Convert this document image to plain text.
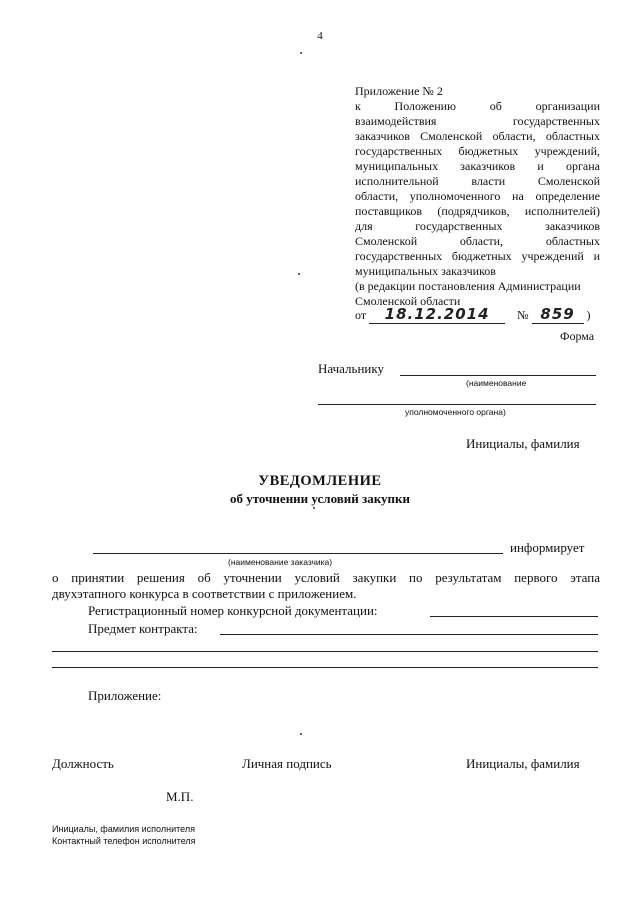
4
Приложение № 2
к Положению об организации
взаимодействия государственных
заказчиков Смоленской области, областных
государственных бюджетных учреждений,
муниципальных заказчиков и органа
исполнительной власти Смоленской
области, уполномоченного на определение
поставщиков (подрядчиков, исполнителей)
для государственных заказчиков
Смоленской области, областных
государственных бюджетных учреждений и
муниципальных заказчиков
(в редакции постановления Администрации
Смоленской области
от 18.12.2014 № 859 )
Форма
Начальнику
(наименование
уполномоченного органа)
Инициалы, фамилия
УВЕДОМЛЕНИЕ
об уточнении условий закупки
информирует
(наименование заказчика)
о принятии решения об уточнении условий закупки по результатам первого этапа
двухэтапного конкурса в соответствии с приложением.
Регистрационный номер конкурсной документации:
Предмет контракта:
Приложение:
Должность	Личная подпись	Инициалы, фамилия
М.П.
Инициалы, фамилия исполнителя
Контактный телефон исполнителя
